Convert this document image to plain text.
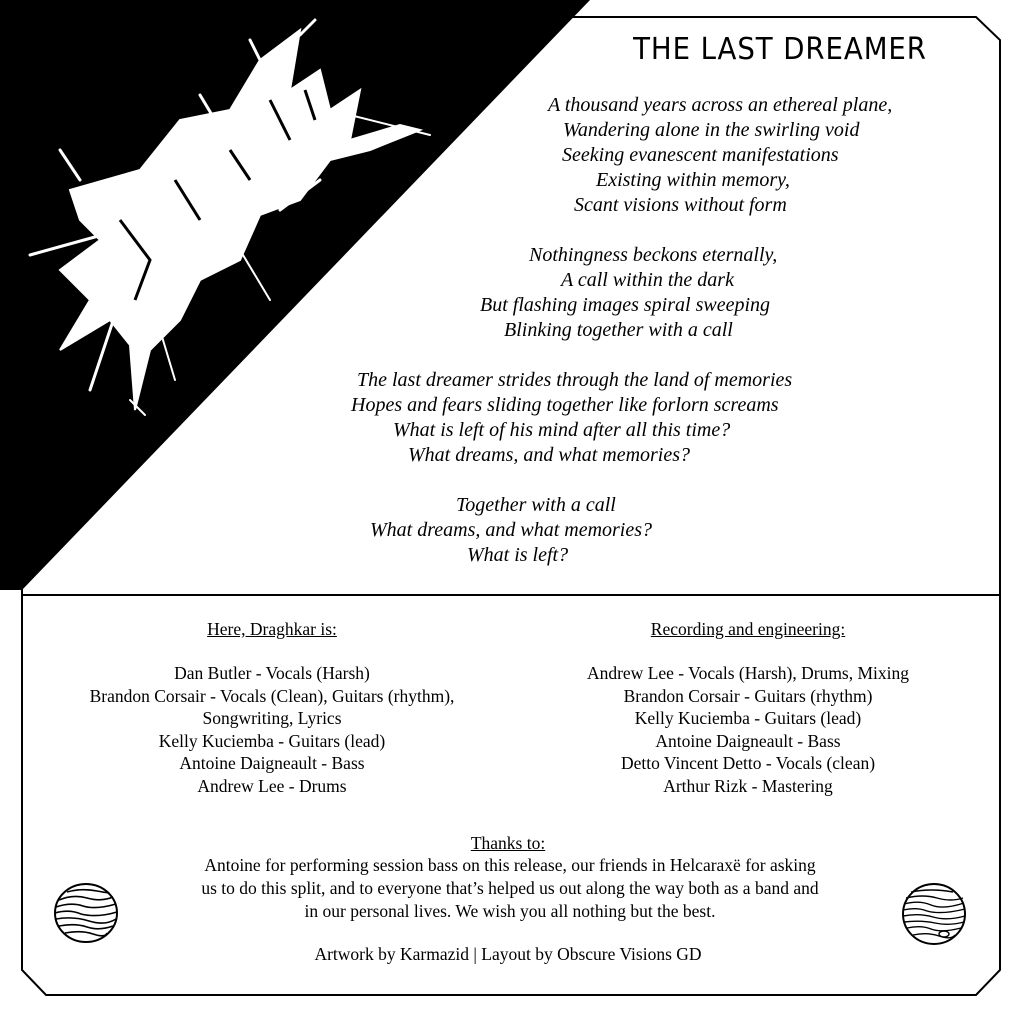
THE LAST DREAMER
A thousand years across an ethereal plane,
Wandering alone in the swirling void
Seeking evanescent manifestations
Existing within memory,
Scant visions without form
Nothingness beckons eternally,
A call within the dark
But flashing images spiral sweeping
Blinking together with a call
The last dreamer strides through the land of memories
Hopes and fears sliding together like forlorn screams
What is left of his mind after all this time?
What dreams, and what memories?
Together with a call
What dreams, and what memories?
What is left?
Here, Draghkar is:
Dan Butler - Vocals (Harsh)
Brandon Corsair - Vocals (Clean), Guitars (rhythm),
Songwriting, Lyrics
Kelly Kuciemba - Guitars (lead)
Antoine Daigneault - Bass
Andrew Lee - Drums
Recording and engineering:
Andrew Lee - Vocals (Harsh), Drums, Mixing
Brandon Corsair - Guitars (rhythm)
Kelly Kuciemba - Guitars (lead)
Antoine Daigneault - Bass
Detto Vincent Detto - Vocals (clean)
Arthur Rizk - Mastering
Thanks to:
Antoine for performing session bass on this release, our friends in Helcaraxë for asking
us to do this split, and to everyone that’s helped us out along the way both as a band and
in our personal lives. We wish you all nothing but the best.
Artwork by Karmazid | Layout by Obscure Visions GD
